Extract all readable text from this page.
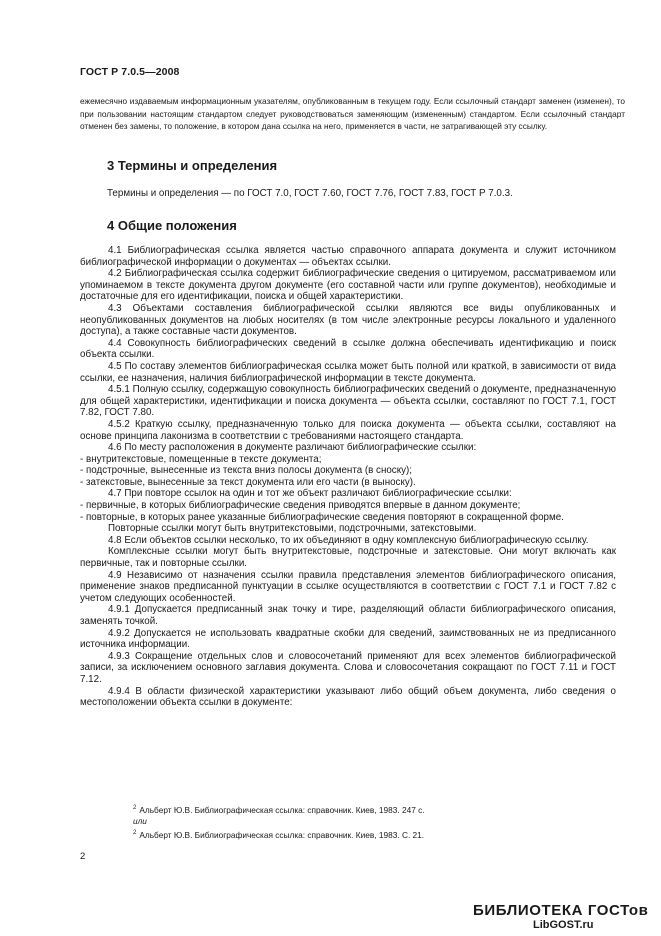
ГОСТ Р 7.0.5—2008
ежемесячно издаваемым информационным указателям, опубликованным в текущем году. Если ссылочный стандарт заменен (изменен), то при пользовании настоящим стандартом следует руководствоваться заменяющим (измененным) стандартом. Если ссылочный стандарт отменен без замены, то положение, в котором дана ссылка на него, применяется в части, не затрагивающей эту ссылку.
3 Термины и определения
Термины и определения — по ГОСТ 7.0, ГОСТ 7.60, ГОСТ 7.76, ГОСТ 7.83, ГОСТ Р 7.0.3.
4 Общие положения

4.1 Библиографическая ссылка является частью справочного аппарата документа и служит источником библиографической информации о документах — объектах ссылки.

4.2 Библиографическая ссылка содержит библиографические сведения о цитируемом, рассматриваемом или упоминаемом в тексте документа другом документе (его составной части или группе документов), необходимые и достаточные для его идентификации, поиска и общей характеристики.

4.3 Объектами составления библиографической ссылки являются все виды опубликованных и неопубликованных документов на любых носителях (в том числе электронные ресурсы локального и удаленного доступа), а также составные части документов.

4.4 Совокупность библиографических сведений в ссылке должна обеспечивать идентификацию и поиск объекта ссылки.

4.5 По составу элементов библиографическая ссылка может быть полной или краткой, в зависимости от вида ссылки, ее назначения, наличия библиографической информации в тексте документа.

4.5.1 Полную ссылку, содержащую совокупность библиографических сведений о документе, предназначенную для общей характеристики, идентификации и поиска документа — объекта ссылки, составляют по ГОСТ 7.1, ГОСТ 7.82, ГОСТ 7.80.

4.5.2 Краткую ссылку, предназначенную только для поиска документа — объекта ссылки, составляют на основе принципа лаконизма в соответствии с требованиями настоящего стандарта.

4.6 По месту расположения в документе различают библиографические ссылки:

- внутритекстовые, помещенные в тексте документа;

- подстрочные, вынесенные из текста вниз полосы документа (в сноску);

- затекстовые, вынесенные за текст документа или его части (в выноску).

4.7 При повторе ссылок на один и тот же объект различают библиографические ссылки:

- первичные, в которых библиографические сведения приводятся впервые в данном документе;

- повторные, в которых ранее указанные библиографические сведения повторяют в сокращенной форме.

Повторные ссылки могут быть внутритекстовыми, подстрочными, затекстовыми.

4.8 Если объектов ссылки несколько, то их объединяют в одну комплексную библиографическую ссылку.

Комплексные ссылки могут быть внутритекстовые, подстрочные и затекстовые. Они могут включать как первичные, так и повторные ссылки.

4.9 Независимо от назначения ссылки правила представления элементов библиографического описания, применение знаков предписанной пунктуации в ссылке осуществляются в соответствии с ГОСТ 7.1 и ГОСТ 7.82 с учетом следующих особенностей.

4.9.1 Допускается предписанный знак точку и тире, разделяющий области библиографического описания, заменять точкой.

4.9.2 Допускается не использовать квадратные скобки для сведений, заимствованных не из предписанного источника информации.

4.9.3 Сокращение отдельных слов и словосочетаний применяют для всех элементов библиографической записи, за исключением основного заглавия документа. Слова и словосочетания сокращают по ГОСТ 7.11 и ГОСТ 7.12.

4.9.4 В области физической характеристики указывают либо общий объем документа, либо сведения о местоположении объекта ссылки в документе:

$^2$ Альберт Ю.В. Библиографическая ссылка: справочник. Киев, 1983. 247 с.
или
$^2$ Альберт Ю.В. Библиографическая ссылка: справочник. Киев, 1983. С. 21.
2
БИБЛИОТЕКА ГОСТов
LibGOST.ru
